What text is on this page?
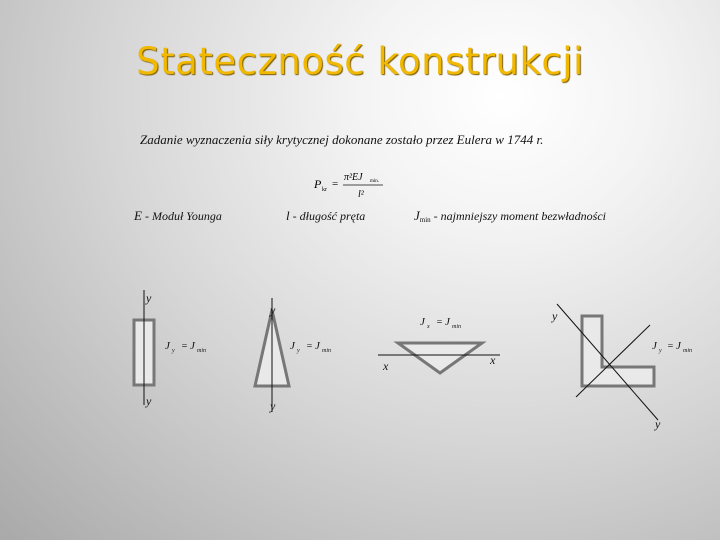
Stateczność konstrukcji
Zadanie wyznaczenia siły krytycznej dokonane zostało przez Eulera w 1744 r.
P kr =
π²EJ min.
l²
E - Moduł Younga	l - długość pręta	$J_{min}$ - najmniejszy moment bezwładności
y
y
J y = J min
y
y
J y = J min
x	x
J x = J min
y
y
J y = J min
